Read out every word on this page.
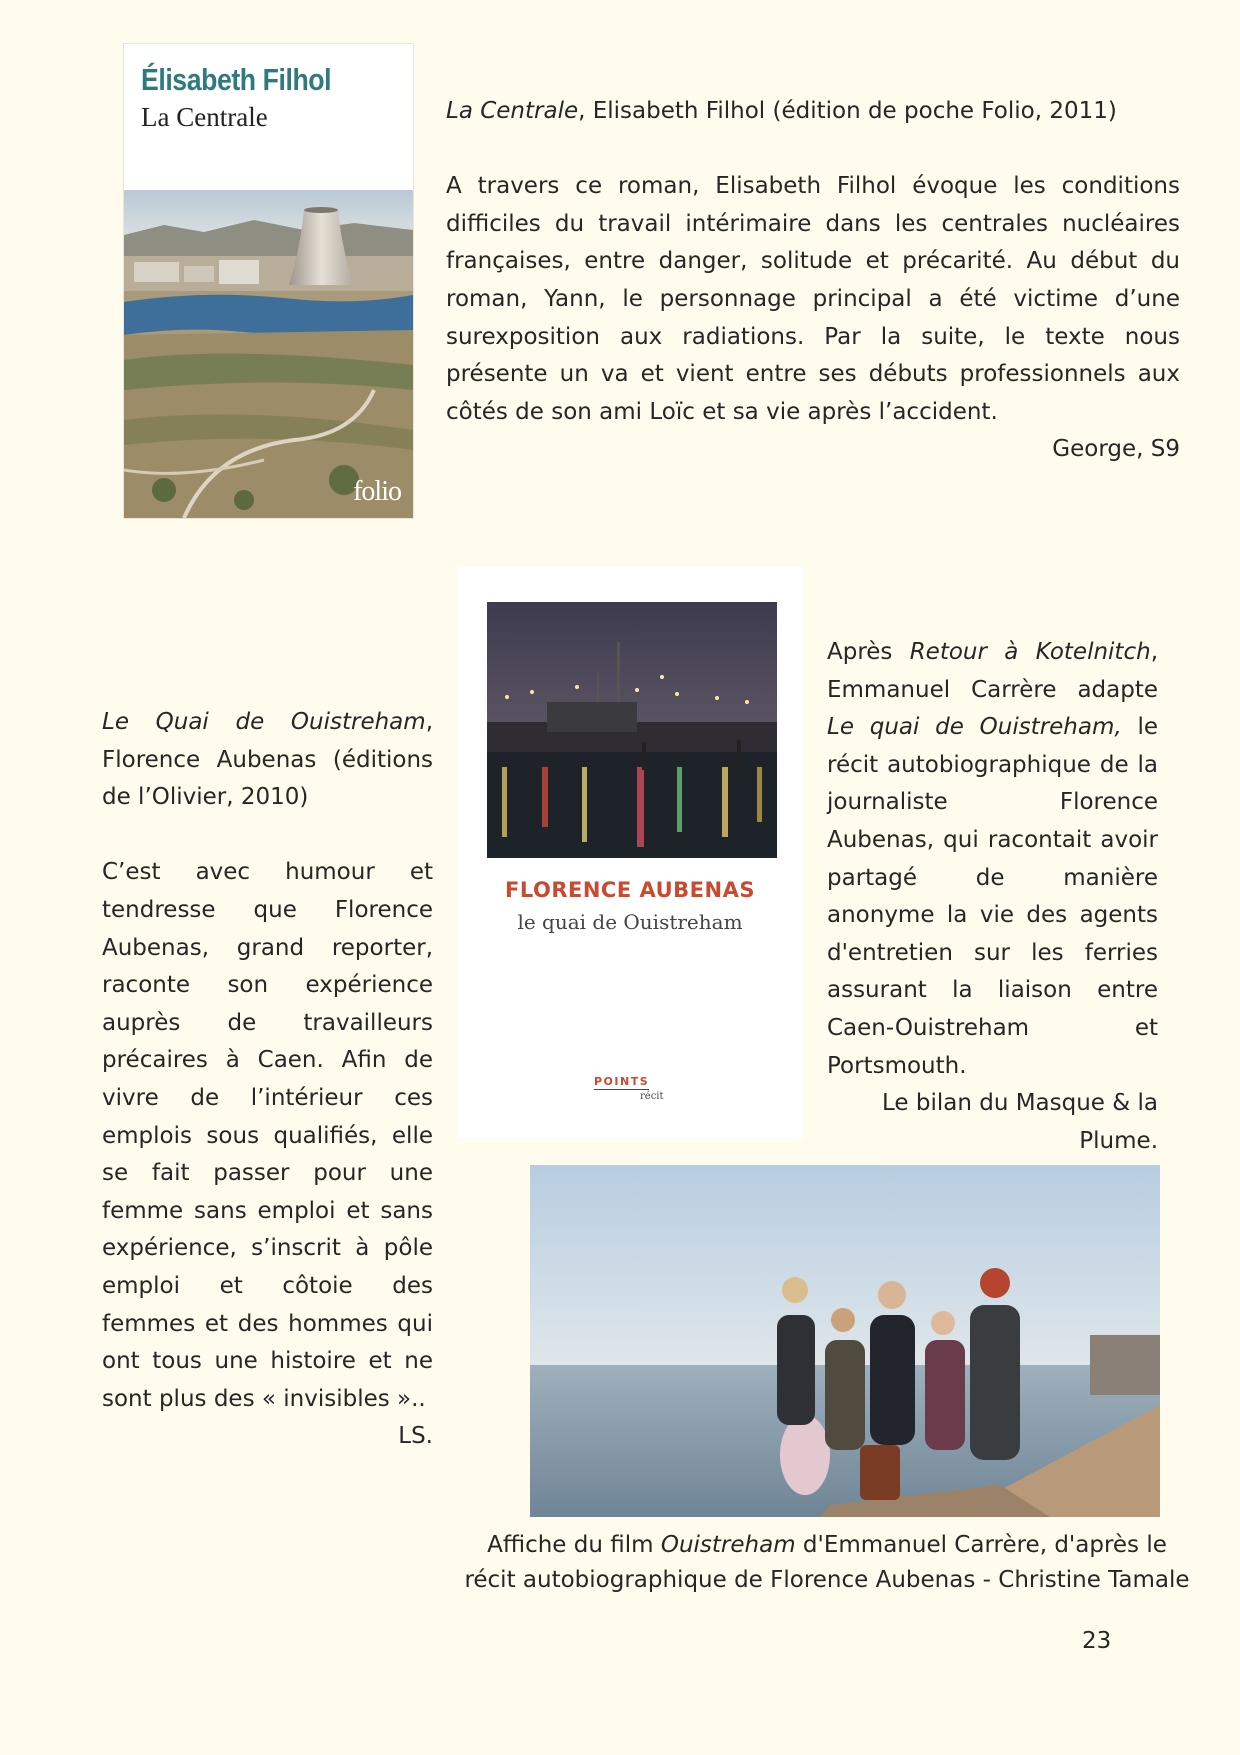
Élisabeth Filhol
La Centrale
folio

La Centrale, Elisabeth Filhol (édition de poche Folio, 2011)

A travers ce roman, Elisabeth Filhol évoque les conditions difficiles du travail intérimaire dans les centrales nucléaires françaises, entre danger, solitude et précarité. Au début du roman, Yann, le personnage principal a été victime d’une surexposition aux radiations. Par la suite, le texte nous présente un va et vient entre ses débuts professionnels aux côtés de son ami Loïc et sa vie après l’accident.

George, S9

Le Quai de Ouistreham, Florence Aubenas (éditions de l’Olivier, 2010)

C’est avec humour et tendresse que Florence Aubenas, grand reporter, raconte son expérience auprès de travailleurs précaires à Caen. Afin de vivre de l’intérieur ces emplois sous qualifiés, elle se fait passer pour une femme sans emploi et sans expérience, s’inscrit à pôle emploi et côtoie des femmes et des hommes qui ont tous une histoire et ne sont plus des « invisibles »..

LS.

FLORENCE AUBENAS
le quai de Ouistreham
POINTS
récit

Après Retour à Kotelnitch, Emmanuel Carrère adapte Le quai de Ouistreham, le récit autobiographique de la journaliste Florence Aubenas, qui racontait avoir partagé de manière anonyme la vie des agents d'entretien sur les ferries assurant la liaison entre Caen-Ouistreham et Portsmouth.

Le bilan du Masque & la Plume.

Affiche du film Ouistreham d'Emmanuel Carrère, d'après le récit autobiographique de Florence Aubenas - Christine Tamale
23
